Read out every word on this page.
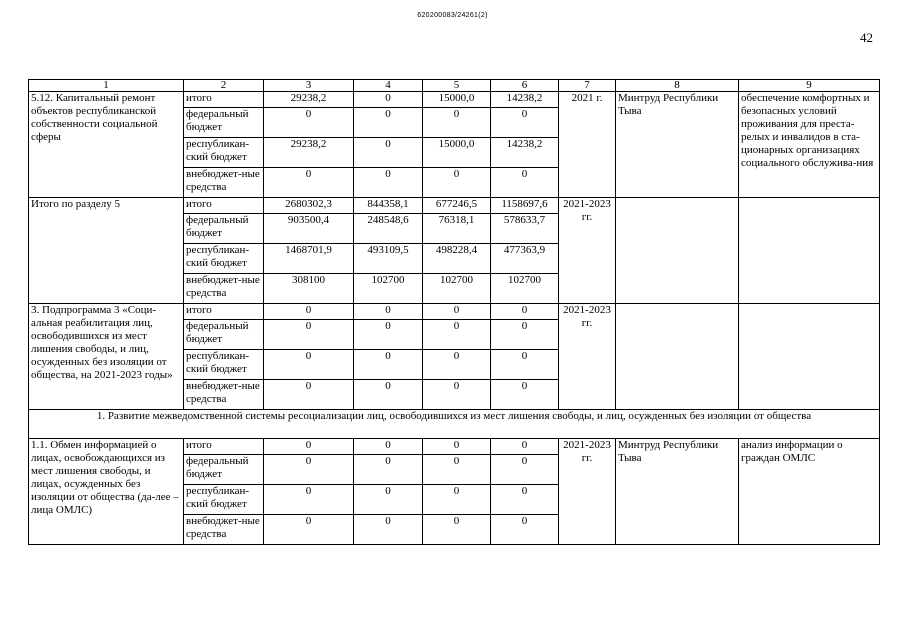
620200083/24261(2)
42
1	2	3	4	5	6	7	8	9
5.12. Капитальный ремонт объектов республиканской собственности социальной сферы	итого	29238,2	0	15000,0	14238,2	2021 г.	Минтруд Республики Тыва	обеспечение комфортных и безопасных условий проживания для преста-релых и инвалидов в ста-ционарных организациях социального обслужива-ния
	федеральный бюджет	0	0	0	0			
	республикан-ский бюджет	29238,2	0	15000,0	14238,2			
	внебюджет-ные средства	0	0	0	0			
Итого по разделу 5	итого	2680302,3	844358,1	677246,5	1158697,6	2021-2023 гг.		
	федеральный бюджет	903500,4	248548,6	76318,1	578633,7			
	республикан-ский бюджет	1468701,9	493109,5	498228,4	477363,9			
	внебюджет-ные средства	308100	102700	102700	102700			
3. Подпрограмма 3 «Соци-альная реабилитация лиц, освободившихся из мест лишения свободы, и лиц, осужденных без изоляции от общества, на 2021-2023 годы»	итого	0	0	0	0	2021-2023 гг.		
	федеральный бюджет	0	0	0	0			
	республикан-ский бюджет	0	0	0	0			
	внебюджет-ные средства	0	0	0	0			
1. Развитие межведомственной системы ресоциализации лиц, освободившихся из мест лишения свободы, и лиц, осужденных без изоляции от общества								
1.1. Обмен информацией о лицах, освобождающихся из мест лишения свободы, и лицах, осужденных без изоляции от общества (да-лее – лица ОМЛС)	итого	0	0	0	0	2021-2023 гг.	Минтруд Республики Тыва	анализ информации о граждан ОМЛС
	федеральный бюджет	0	0	0	0			
	республикан-ский бюджет	0	0	0	0			
	внебюджет-ные средства	0	0	0	0			
